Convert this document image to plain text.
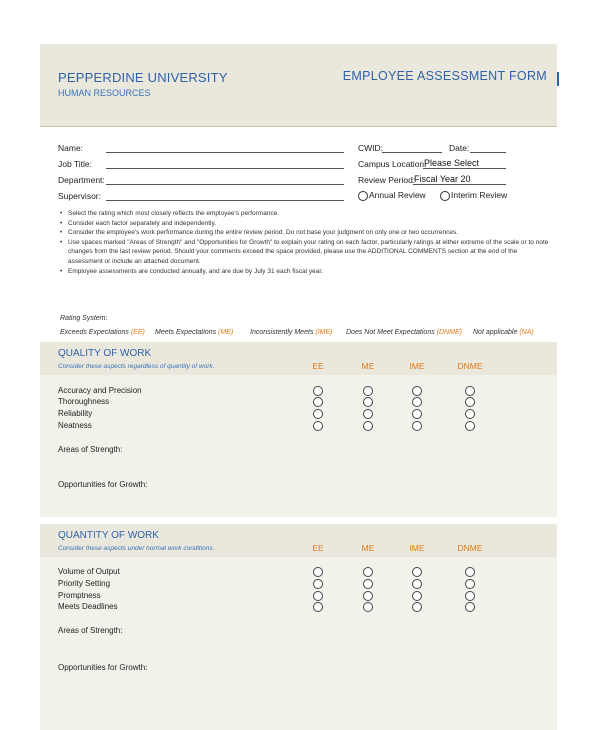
PEPPERDINE UNIVERSITY
HUMAN RESOURCES
EMPLOYEE ASSESSMENT FORM
Name:
Job Title:
Department:
Supervisor:
CWID:	Date:
Campus Location:
Please Select
Review Period:
Fiscal Year 20
Annual Review	Interim Review
• Select the rating which most closely reflects the employee's performance.
• Consider each factor separately and independently.
• Consider the employee's work performance during the entire review period. Do not base your judgment on only one or two occurrences.
• Use spaces marked "Areas of Strength" and "Opportunities for Growth" to explain your rating on each factor, particularly ratings at either extreme of the scale or to note changes from the last review period. Should your comments exceed the space provided, please use the ADDITIONAL COMMENTS section at the end of the assessment or include an attached document.
• Employee assessments are conducted annually, and are due by July 31 each fiscal year.
Rating System:
Exceeds Expectations (EE) Meets Expectations (ME) Inconsistently Meets (IME) Does Not Meet Expectations (DNME) Not applicable (NA)
QUALITY OF WORK
Consider these aspects regardless of quantity of work.	EE	ME	IME	DNME
Accuracy and Precision
Thoroughness
Reliability
Neatness
Areas of Strength:
Opportunities for Growth:
QUANTITY OF WORK
Consider these aspects under normal work conditions.	EE	ME	IME	DNME
Volume of Output
Priority Setting
Promptness
Meets Deadlines
Areas of Strength:
Opportunities for Growth:
